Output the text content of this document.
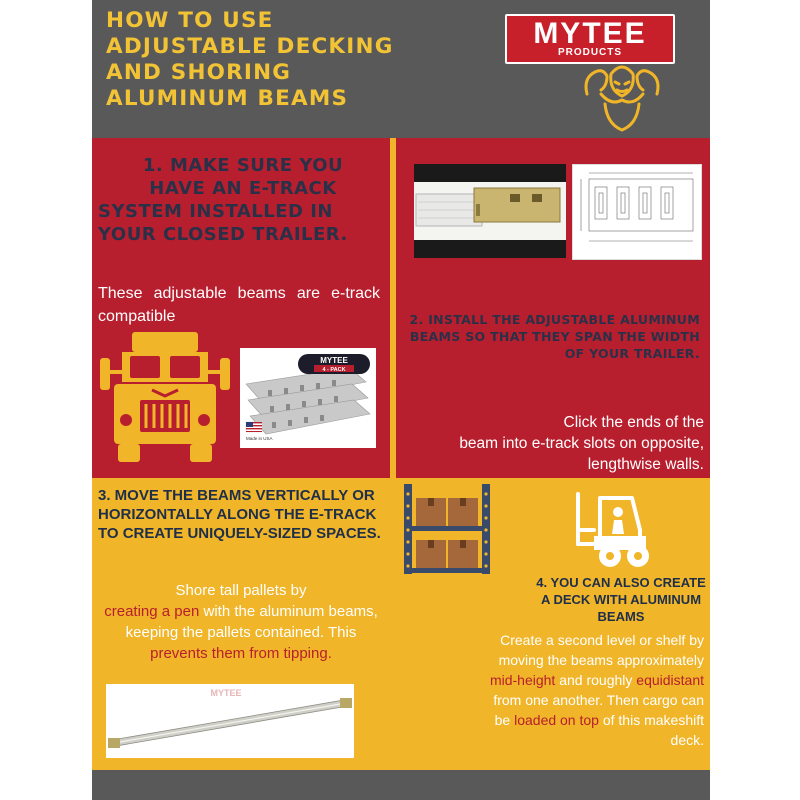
HOW TO USE
ADJUSTABLE DECKING
AND SHORING
ALUMINUM BEAMS
MYTEE
PRODUCTS
1. MAKE SURE YOU
HAVE AN E-TRACK
SYSTEM INSTALLED IN
YOUR CLOSED TRAILER.

These adjustable beams are e-track compatible

MYTEE
4 - PACK
Made in USA
2. INSTALL THE ADJUSTABLE ALUMINUM BEAMS SO THAT THEY SPAN THE WIDTH OF YOUR TRAILER.

Click the ends of the
beam into e-track slots on opposite,
lengthwise walls.

3. MOVE THE BEAMS VERTICALLY OR HORIZONTALLY ALONG THE E-TRACK TO CREATE UNIQUELY-SIZED SPACES.

Shore tall pallets by
creating a pen with the aluminum beams, keeping the pallets contained. This prevents them from tipping.

MYTEE
4. YOU CAN ALSO CREATE A DECK WITH ALUMINUM BEAMS

Create a second level or shelf by moving the beams approximately mid-height and roughly equidistant from one another. Then cargo can be loaded on top of this makeshift deck.
